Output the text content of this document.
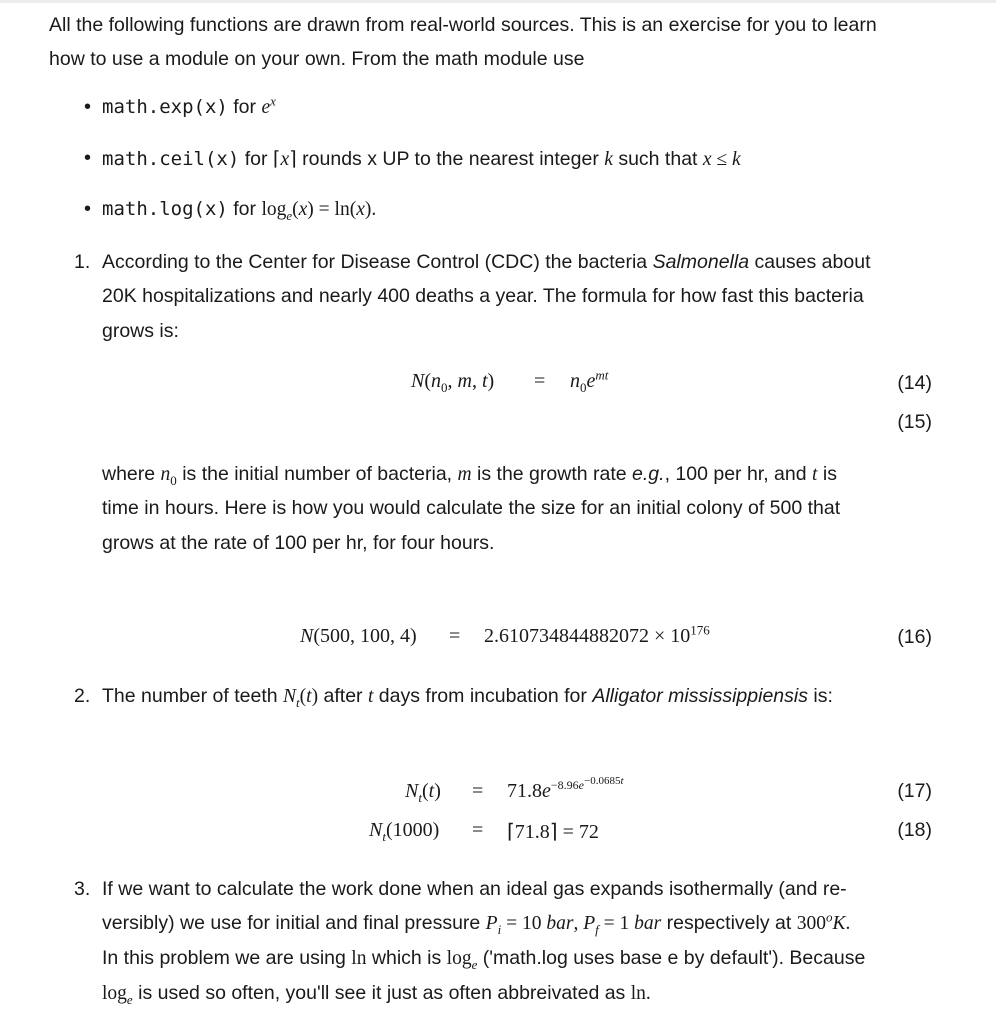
All the following functions are drawn from real-world sources. This is an exercise for you to learn
how to use a module on your own. From the math module use
• math.exp(x) for $e^x$
• math.ceil(x) for ⌈x⌉ rounds x UP to the nearest integer k such that x ≤ k
• math.log(x) for $\log_e(x) = \ln(x)$.
1. According to the Center for Disease Control (CDC) the bacteria Salmonella causes about
20K hospitalizations and nearly 400 deaths a year. The formula for how fast this bacteria
grows is:
$N(n_0$, m, $t) = n_0e^{mt}$	(14)
(15)
where $n_0$ is the initial number of bacteria, m is the growth rate e.g., 100 per hr, and t is
time in hours. Here is how you would calculate the size for an initial colony of 500 that
grows at the rate of 100 per hr, for four hours.
N(500, 100, $4) = 2.610734844882072 \times 10^{176}$	(16)
2. The number of teeth $N_t(t)$ after t days from incubation for Alligator mississippiensis is:
$N_t(t) = 71.8e^{-8.96e^{-0.0685t}}$	(17)
$N_t(1000)$ = ⌈71.8⌉ = 72	(18)
3. If we want to calculate the work done when an ideal gas expands isothermally (and re-
versibly) we use for initial and final pressure $P_i = 10$ bar, $P_f = 1$ bar respectively at 300$^o$K.
In this problem we are using ln which is $\log_e$ ('math.log uses base e by default'). Because
$\log_e$ is used so often, you'll see it just as often abbreivated as ln.
